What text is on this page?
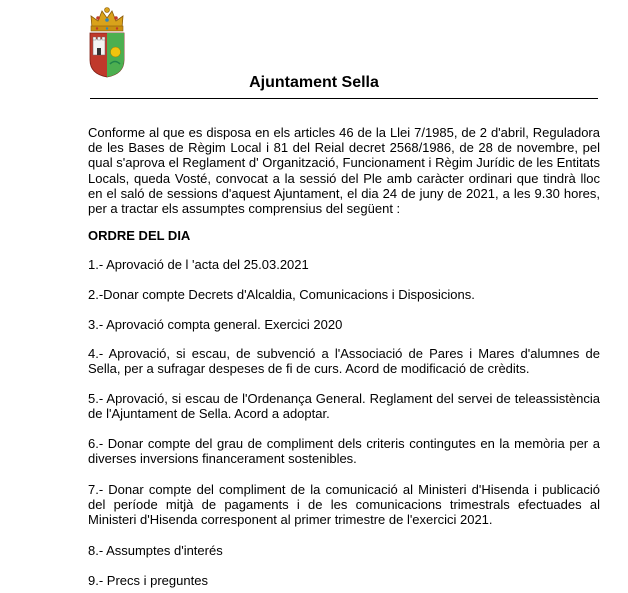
Ajuntament Sella
Conforme al que es disposa en els articles 46 de la Llei 7/1985, de 2 d'abril, Reguladora de les Bases de Règim Local i 81 del Reial decret 2568/1986, de 28 de novembre, pel qual s'aprova el Reglament d' Organització, Funcionament i Règim Jurídic de les Entitats Locals, queda Vosté, convocat a la sessió del Ple amb caràcter ordinari que tindrà lloc en el saló de sessions d'aquest Ajuntament, el dia 24 de juny de 2021, a les 9.30 hores, per a tractar els assumptes comprensius del següent :
ORDRE DEL DIA
1.- Aprovació de l 'acta del 25.03.2021
2.-Donar compte Decrets d'Alcaldia, Comunicacions i Disposicions.
3.- Aprovació compta general. Exercici 2020
4.- Aprovació, si escau, de subvenció a l'Associació de Pares i Mares d'alumnes de Sella, per a sufragar despeses de fi de curs. Acord de modificació de crèdits.
5.- Aprovació, si escau de l'Ordenança General. Reglament del servei de teleassistència de l'Ajuntament de Sella. Acord a adoptar.
6.- Donar compte del grau de compliment dels criteris contingutes en la memòria per a diverses inversions financerament sostenibles.
7.- Donar compte del compliment de la comunicació al Ministeri d'Hisenda i publicació del període mitjà de pagaments i de les comunicacions trimestrals efectuades al Ministeri d'Hisenda corresponent al primer trimestre de l'exercici 2021.
8.- Assumptes d'interés
9.- Precs i preguntes
